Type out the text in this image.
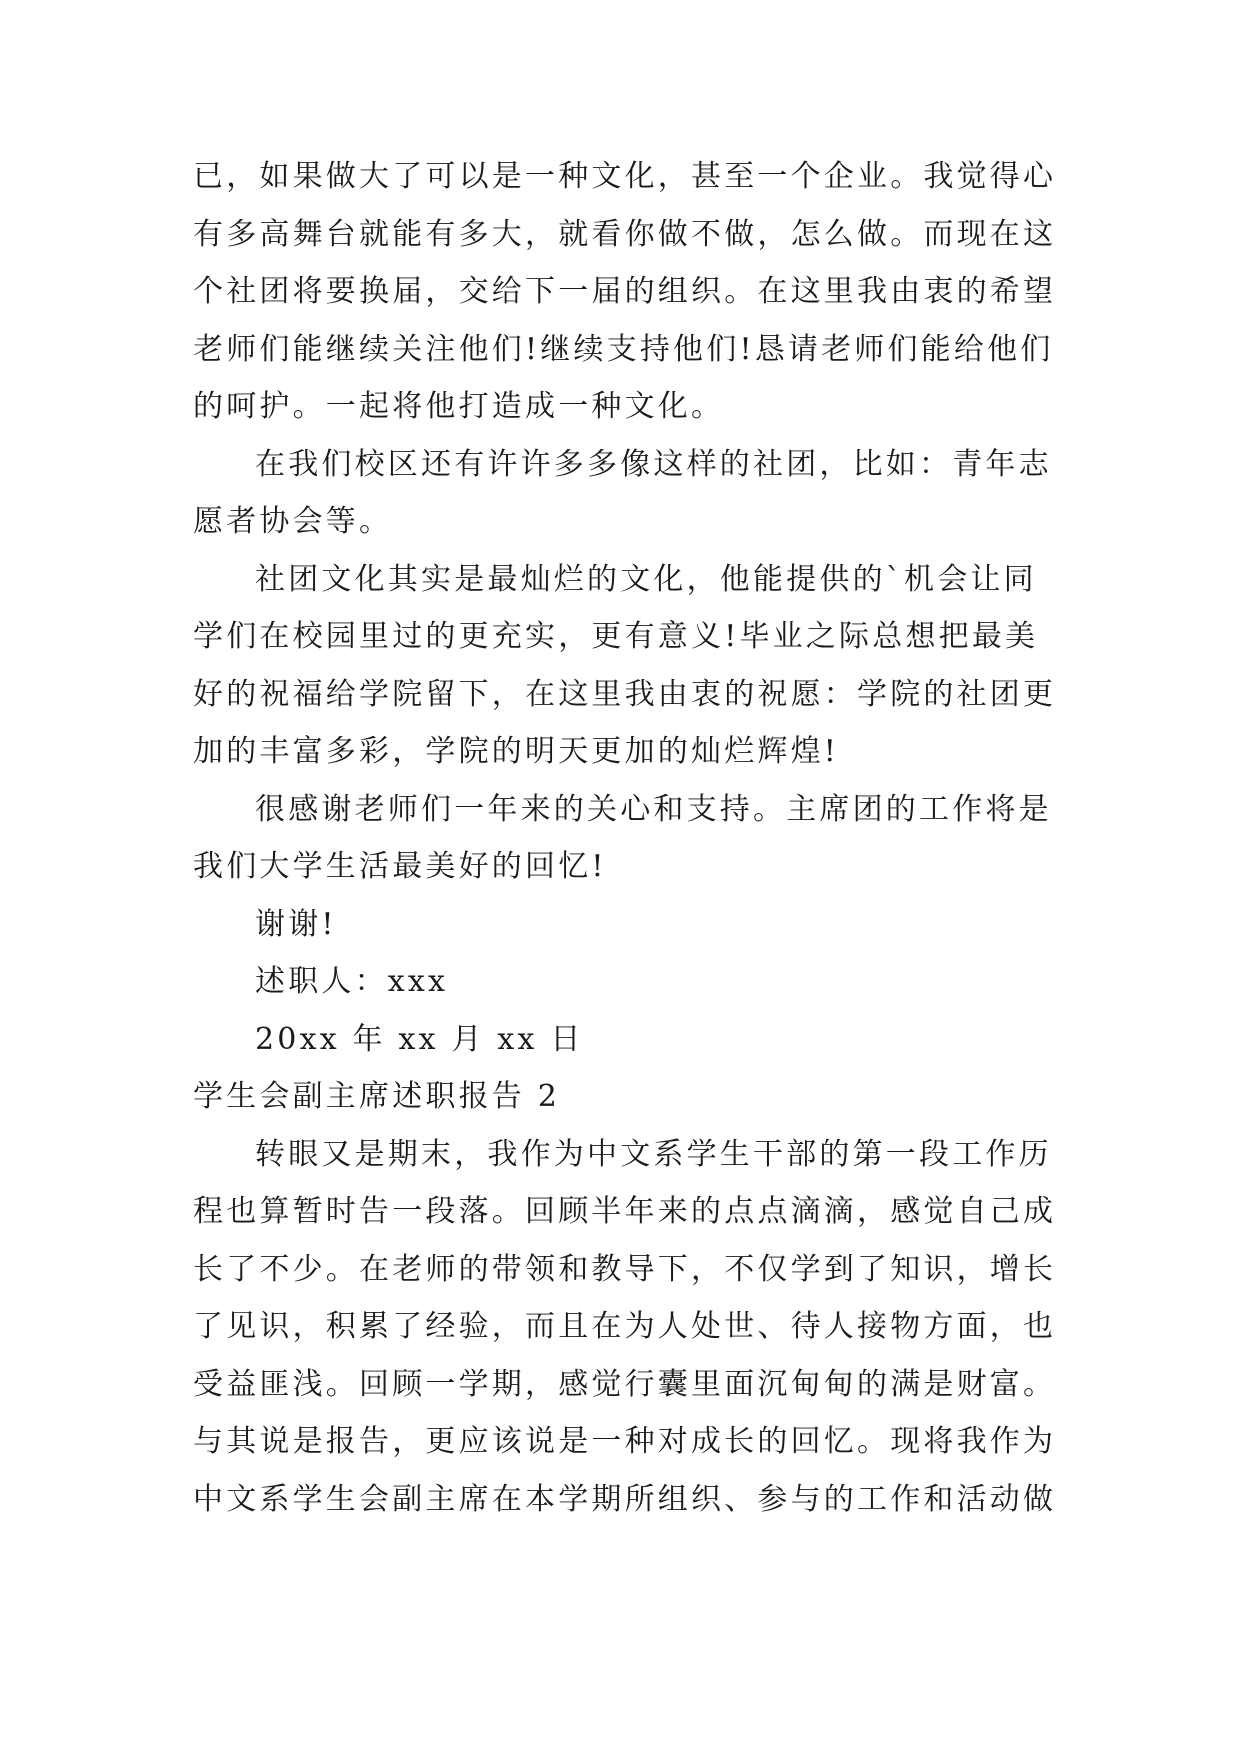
已，如果做大了可以是一种文化，甚至一个企业。我觉得心
有多高舞台就能有多大，就看你做不做，怎么做。而现在这
个社团将要换届，交给下一届的组织。在这里我由衷的希望
老师们能继续关注他们!继续支持他们!恳请老师们能给他们
的呵护。一起将他打造成一种文化。
在我们校区还有许许多多像这样的社团，比如：青年志
愿者协会等。
社团文化其实是最灿烂的文化，他能提供的`机会让同
学们在校园里过的更充实，更有意义!毕业之际总想把最美
好的祝福给学院留下，在这里我由衷的祝愿：学院的社团更
加的丰富多彩，学院的明天更加的灿烂辉煌!
很感谢老师们一年来的关心和支持。主席团的工作将是
我们大学生活最美好的回忆!
谢谢!
述职人：xxx
20xx 年 xx 月 xx 日
学生会副主席述职报告 2
转眼又是期末，我作为中文系学生干部的第一段工作历
程也算暂时告一段落。回顾半年来的点点滴滴，感觉自己成
长了不少。在老师的带领和教导下，不仅学到了知识，增长
了见识，积累了经验，而且在为人处世、待人接物方面，也
受益匪浅。回顾一学期，感觉行囊里面沉甸甸的满是财富。
与其说是报告，更应该说是一种对成长的回忆。现将我作为
中文系学生会副主席在本学期所组织、参与的工作和活动做
